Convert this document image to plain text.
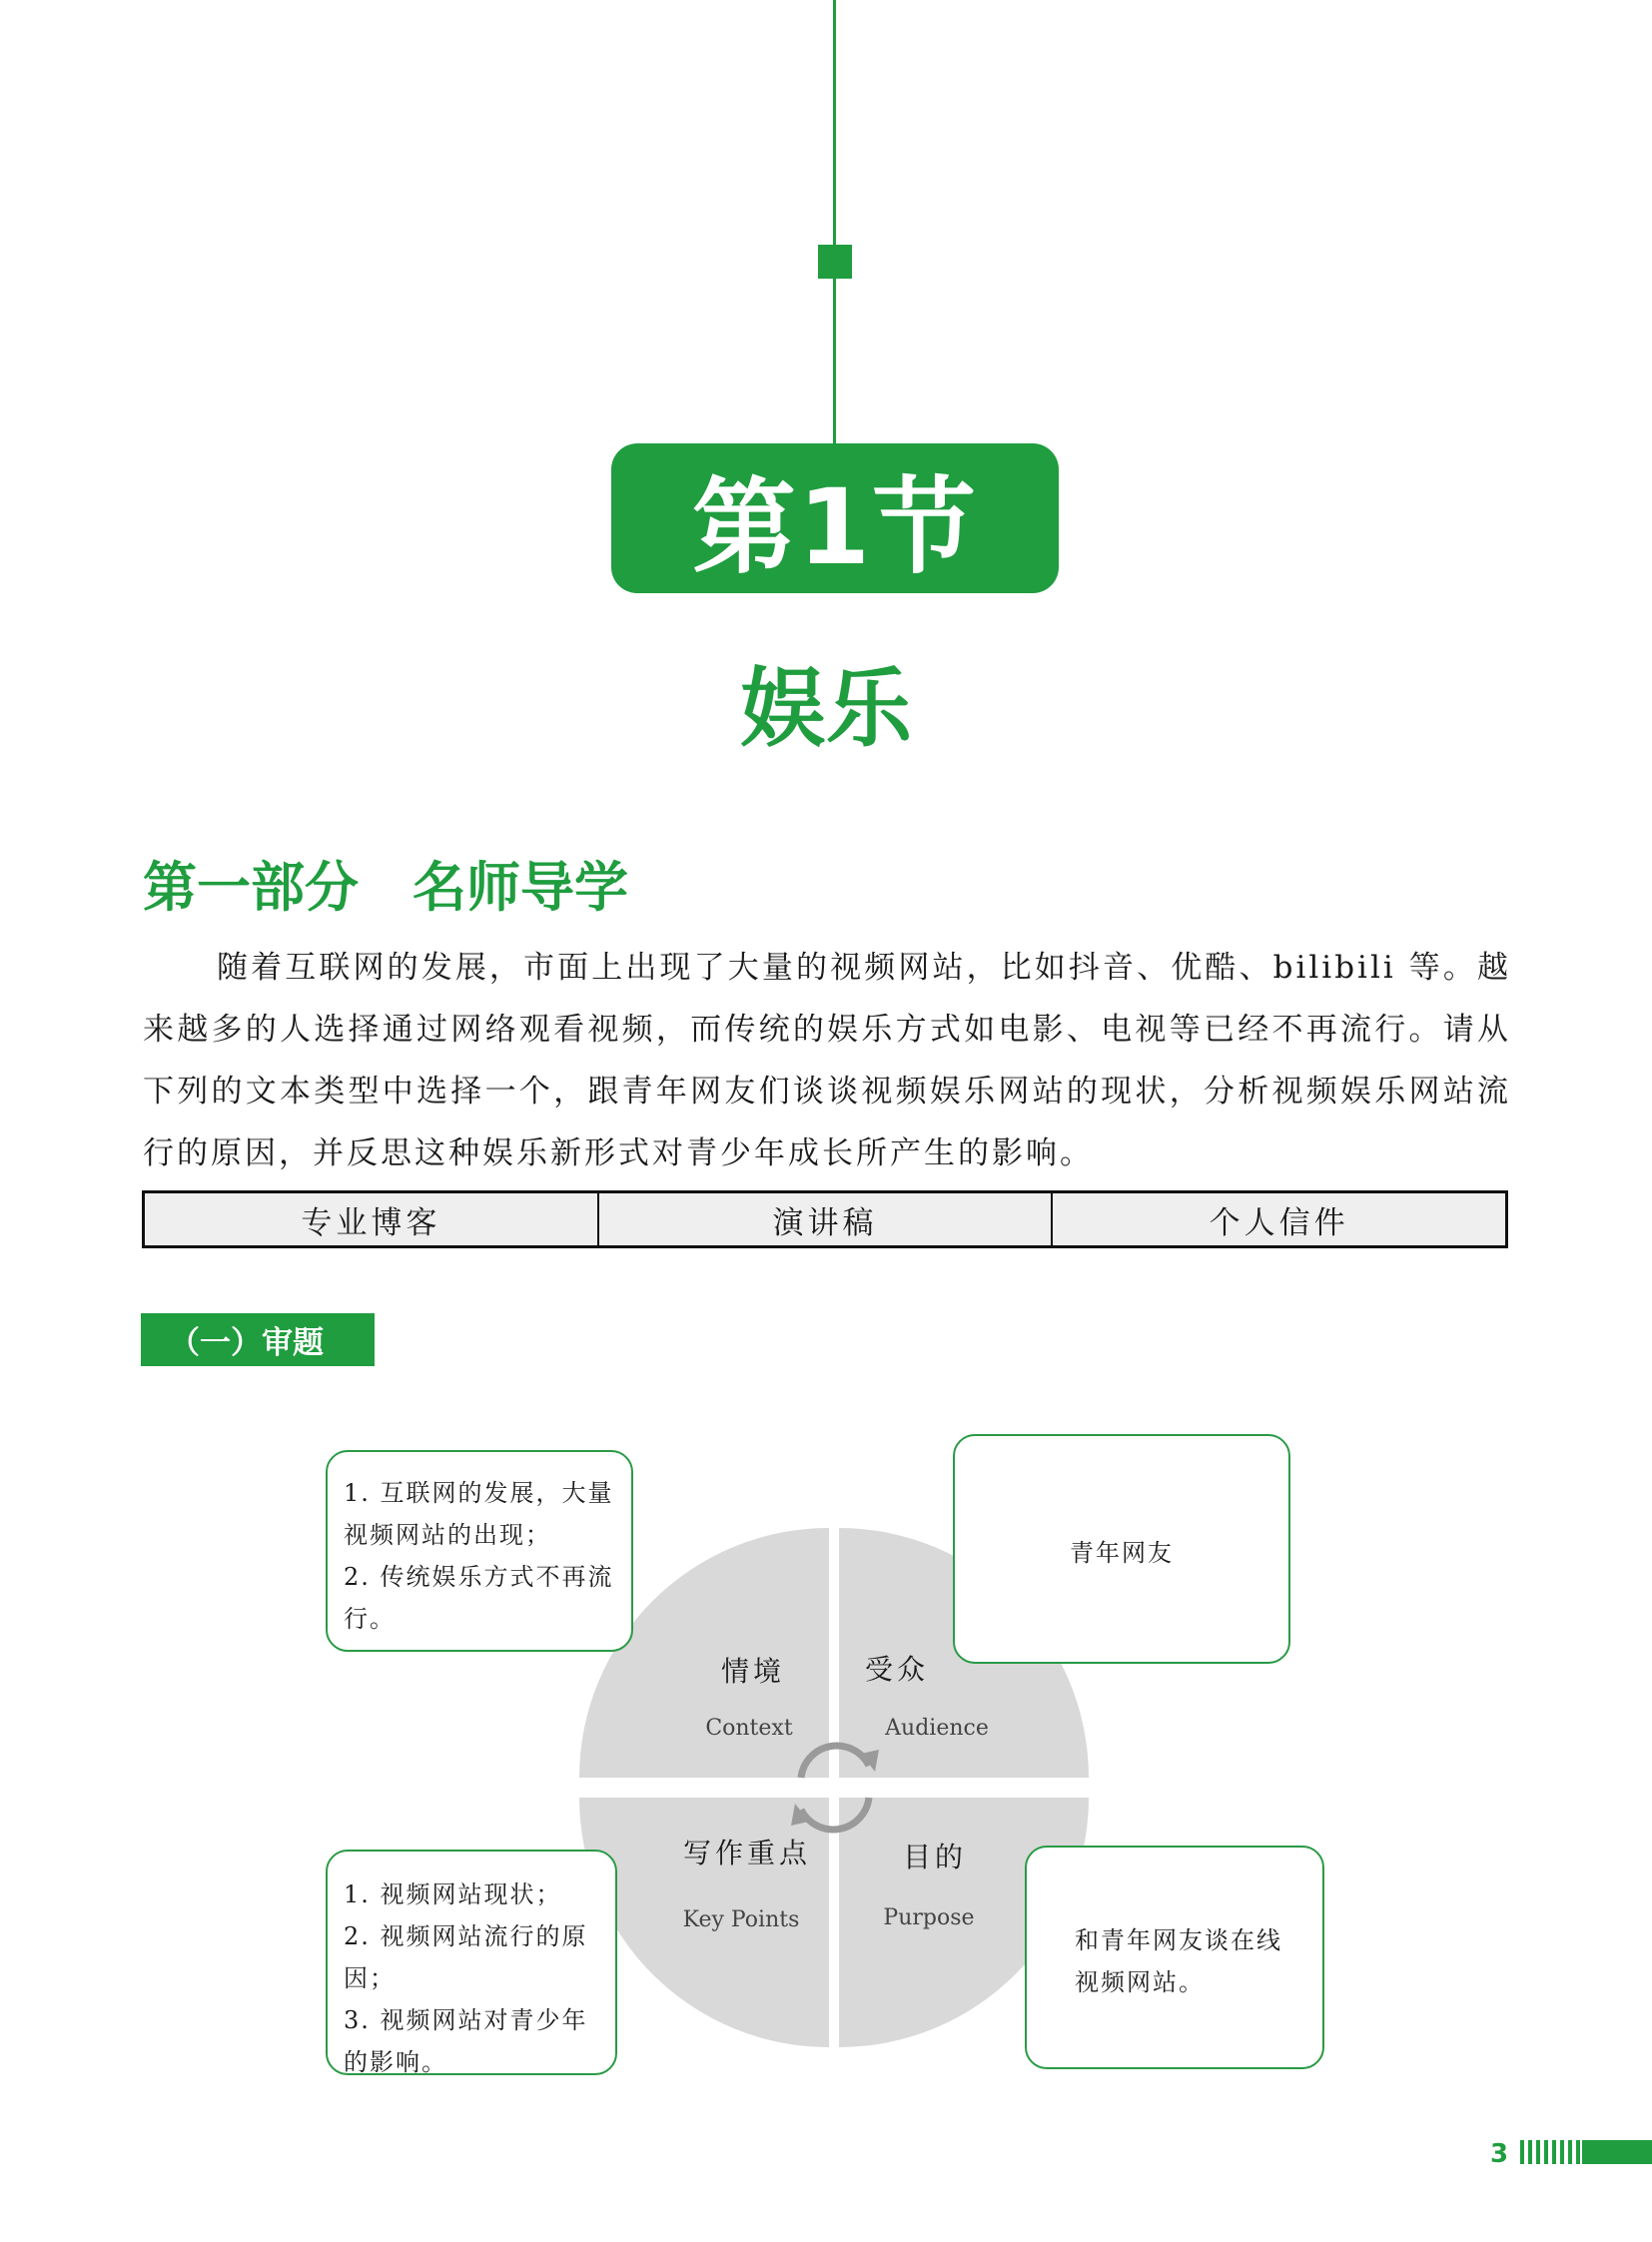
第1节
娱乐
第一部分　名师导学
随着互联网的发展，市面上出现了大量的视频网站，比如抖音、优酷、bilibili 等。越来越多的人选择通过网络观看视频，而传统的娱乐方式如电影、电视等已经不再流行。请从下列的文本类型中选择一个，跟青年网友们谈谈视频娱乐网站的现状，分析视频娱乐网站流行的原因，并反思这种娱乐新形式对青少年成长所产生的影响。
专业博客	演讲稿	个人信件
（一）审题
情境
Context
受众
Audience
写作重点
Key Points
目的
Purpose
1. 互联网的发展，大量视频网站的出现；
2. 传统娱乐方式不再流行。
青年网友
1. 视频网站现状；
2. 视频网站流行的原因；
3. 视频网站对青少年的影响。
和青年网友谈在线视频网站。
3
